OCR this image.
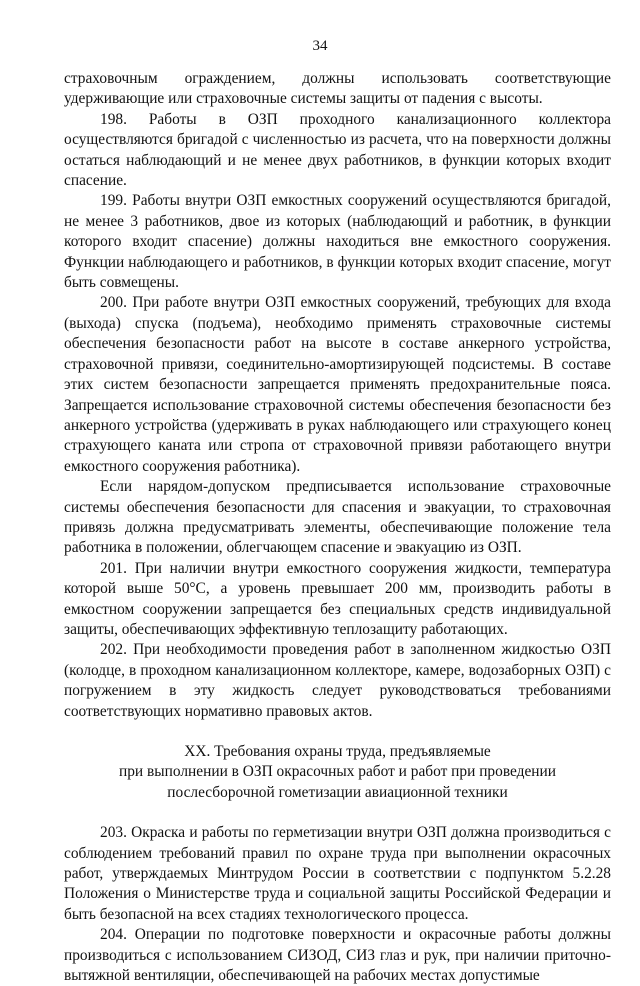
34

страховочным ограждением, должны использовать соответствующие удерживающие или страховочные системы защиты от падения с высоты.

198. Работы в ОЗП проходного канализационного коллектора осуществляются бригадой с численностью из расчета, что на поверхности должны остаться наблюдающий и не менее двух работников, в функции которых входит спасение.

199. Работы внутри ОЗП емкостных сооружений осуществляются бригадой, не менее 3 работников, двое из которых (наблюдающий и работник, в функции которого входит спасение) должны находиться вне емкостного сооружения. Функции наблюдающего и работников, в функции которых входит спасение, могут быть совмещены.

200. При работе внутри ОЗП емкостных сооружений, требующих для входа (выхода) спуска (подъема), необходимо применять страховочные системы обеспечения безопасности работ на высоте в составе анкерного устройства, страховочной привязи, соединительно-амортизирующей подсистемы. В составе этих систем безопасности запрещается применять предохранительные пояса. Запрещается использование страховочной системы обеспечения безопасности без анкерного устройства (удерживать в руках наблюдающего или страхующего конец страхующего каната или стропа от страховочной привязи работающего внутри емкостного сооружения работника).

Если нарядом-допуском предписывается использование страховочные системы обеспечения безопасности для спасения и эвакуации, то страховочная привязь должна предусматривать элементы, обеспечивающие положение тела работника в положении, облегчающем спасение и эвакуацию из ОЗП.

201. При наличии внутри емкостного сооружения жидкости, температура которой выше 50°С, а уровень превышает 200 мм, производить работы в емкостном сооружении запрещается без специальных средств индивидуальной защиты, обеспечивающих эффективную теплозащиту работающих.

202. При необходимости проведения работ в заполненном жидкостью ОЗП (колодце, в проходном канализационном коллекторе, камере, водозаборных ОЗП) с погружением в эту жидкость следует руководствоваться требованиями соответствующих нормативно правовых актов.

XX. Требования охраны труда, предъявляемые
при выполнении в ОЗП окрасочных работ и работ при проведении
послесборочной гометизации авиационной техники

203. Окраска и работы по герметизации внутри ОЗП должна производиться с соблюдением требований правил по охране труда при выполнении окрасочных работ, утверждаемых Минтрудом России в соответствии с подпунктом 5.2.28 Положения о Министерстве труда и социальной защиты Российской Федерации и быть безопасной на всех стадиях технологического процесса.

204. Операции по подготовке поверхности и окрасочные работы должны производиться с использованием СИЗОД, СИЗ глаз и рук, при наличии приточно-вытяжной вентиляции, обеспечивающей на рабочих местах допустимые
